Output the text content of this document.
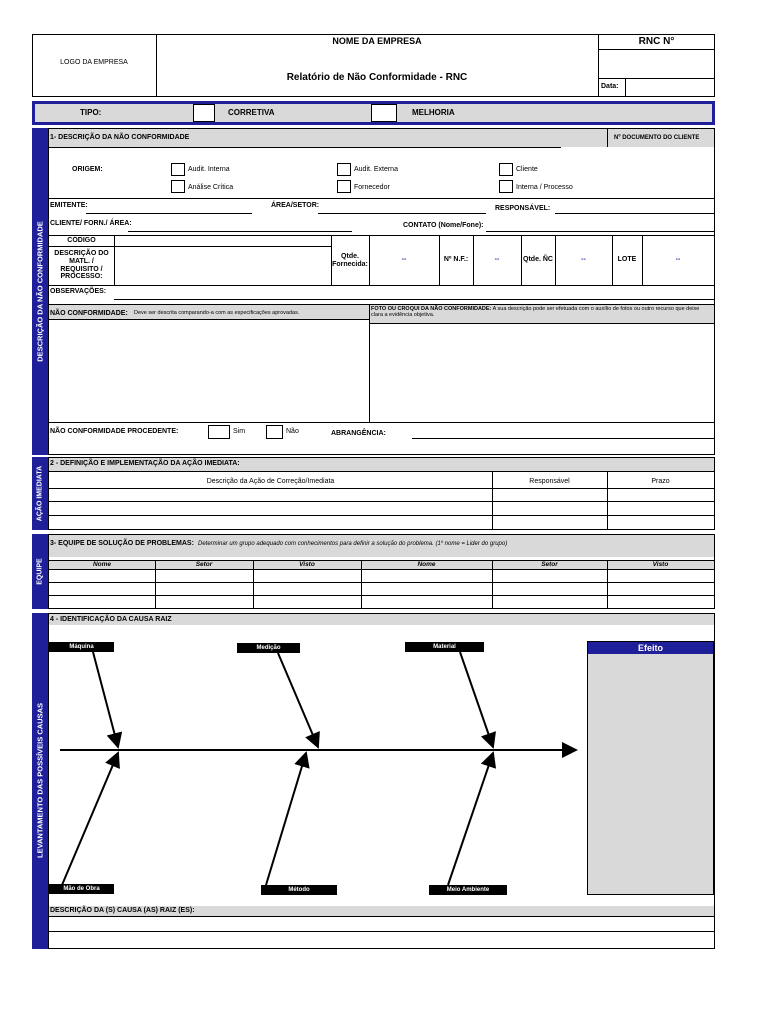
LOGO DA EMPRESA
NOME DA EMPRESA
Relatório de Não Conformidade - RNC
RNC N°
Data:
TIPO:	CORRETIVA	MELHORIA
DESCRIÇÃO DA NÃO CONFORMIDADE
1- DESCRIÇÃO DA NÃO CONFORMIDADE	Nº DOCUMENTO DO CLIENTE
ORIGEM:	Audit. Interna	Audit. Externa	Cliente
Análise Crítica	Fornecedor	Interna / Processo
EMITENTE:	ÁREA/SETOR:	RESPONSÁVEL:
CLIENTE/ FORN./ ÁREA:	CONTATO (Nome/Fone):
CÓDIGO
DESCRIÇÃO DO
MATL. /
REQUISITO /
PROCESSO:
Qtde.
Fornecida:
--	Nº N.F.:	--	Qtde. ÑC	--	LOTE	--
OBSERVAÇÕES:
NÃO CONFORMIDADE: Deve ser descrita comparando-a com as especificações aprovadas.
FOTO OU CROQUI DA NÃO CONFORMIDADE: A sua descrição pode ser efetuada com o auxílio de fotos ou outro recurso que deixe clara a evidência objetiva.
NÃO CONFORMIDADE PROCEDENTE:	Sim	Não	ABRANGÊNCIA:
AÇÃO IMEDIATA
2 - DEFINIÇÃO E IMPLEMENTAÇÃO DA AÇÃO IMEDIATA:
Descrição da Ação de Correção/Imediata	Responsável	Prazo
EQUIPE
3- EQUIPE DE SOLUÇÃO DE PROBLEMAS: Determinar um grupo adequado com conhecimentos para definir a solução do problema. (1º nome = Lider do grupo)
Nome	Setor	Visto	Nome	Setor	Visto
LEVANTAMENTO DAS POSSÍVEIS CAUSAS
4 - IDENTIFICAÇÃO DA CAUSA RAIZ
Máquina	Medição	Material
Mão de Obra	Método	Meio Ambiente
Efeito
DESCRIÇÃO DA (S) CAUSA (AS) RAIZ (ES):
